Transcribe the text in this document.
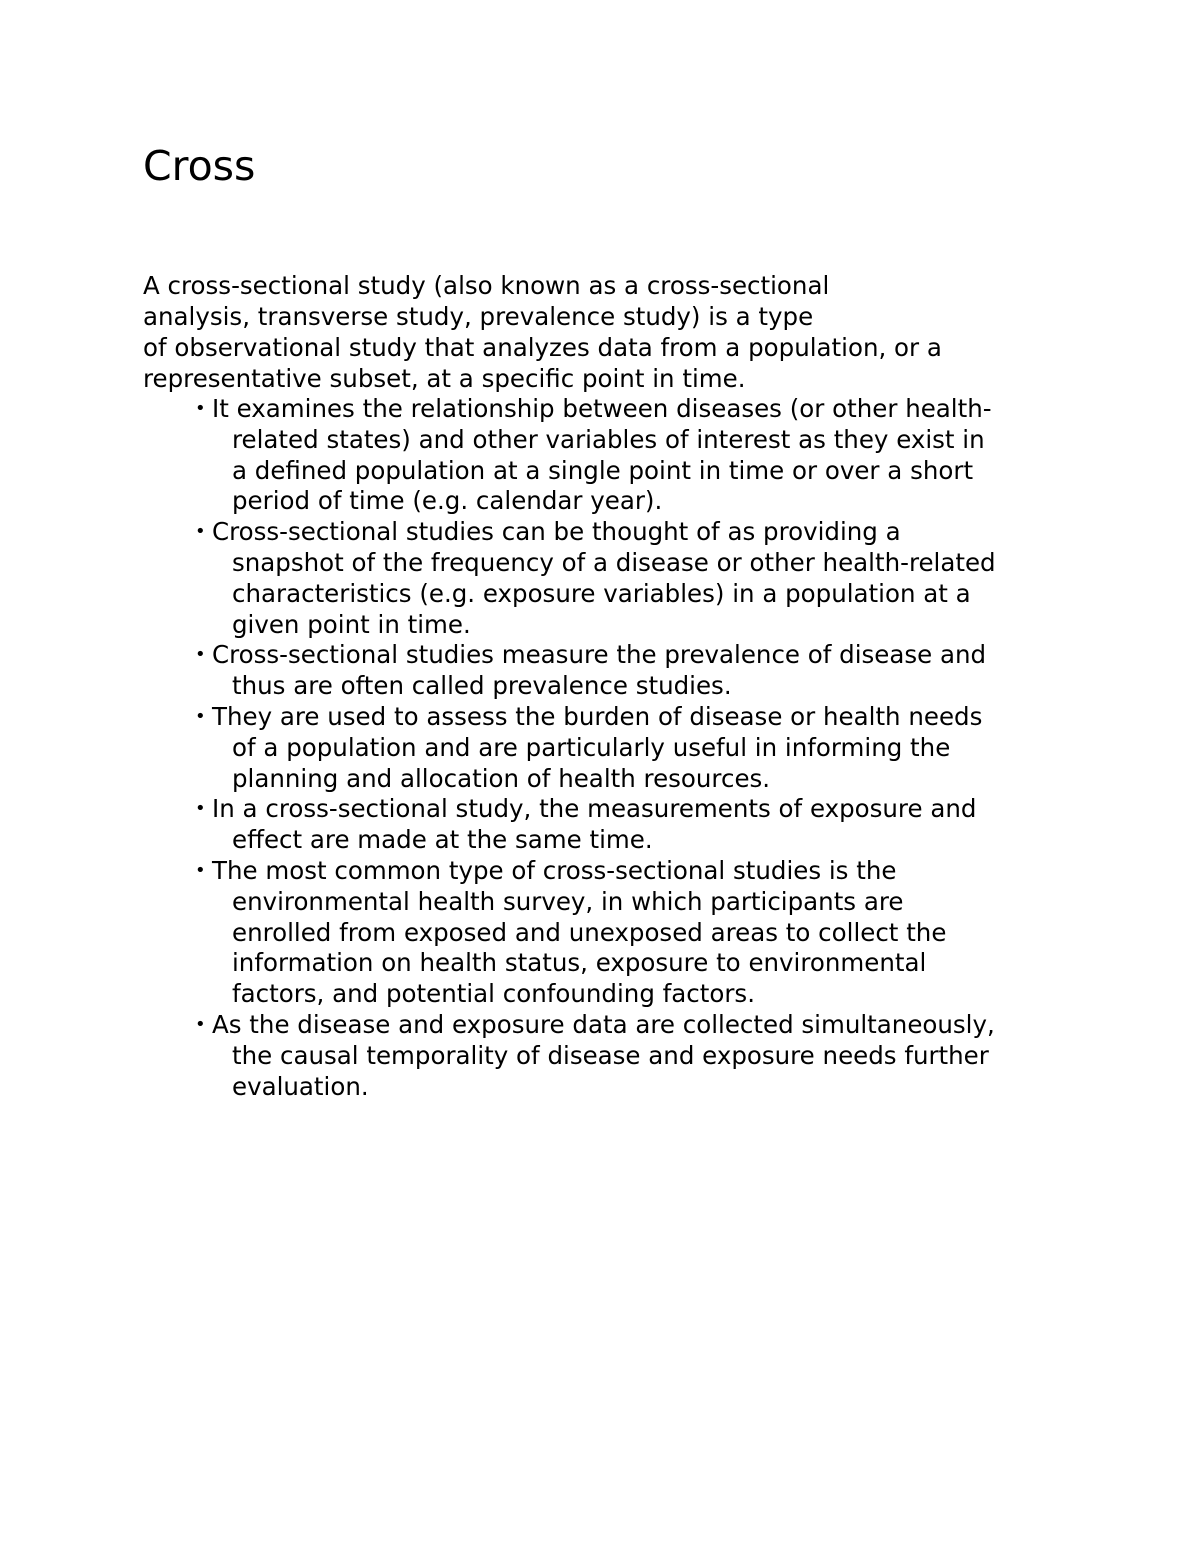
Cross

A cross-sectional study (also known as a cross-sectional
analysis, transverse study, prevalence study) is a type
of observational study that analyzes data from a population, or a
representative subset, at a specific point in time.

• It examines the relationship between diseases (or other health-
related states) and other variables of interest as they exist in
a defined population at a single point in time or over a short
period of time (e.g. calendar year).
• Cross-sectional studies can be thought of as providing a
snapshot of the frequency of a disease or other health-related
characteristics (e.g. exposure variables) in a population at a
given point in time.
• Cross-sectional studies measure the prevalence of disease and
thus are often called prevalence studies.
• They are used to assess the burden of disease or health needs
of a population and are particularly useful in informing the
planning and allocation of health resources.
• In a cross-sectional study, the measurements of exposure and
effect are made at the same time.
• The most common type of cross-sectional studies is the
environmental health survey, in which participants are
enrolled from exposed and unexposed areas to collect the
information on health status, exposure to environmental
factors, and potential confounding factors.
• As the disease and exposure data are collected simultaneously,
the causal temporality of disease and exposure needs further
evaluation.
